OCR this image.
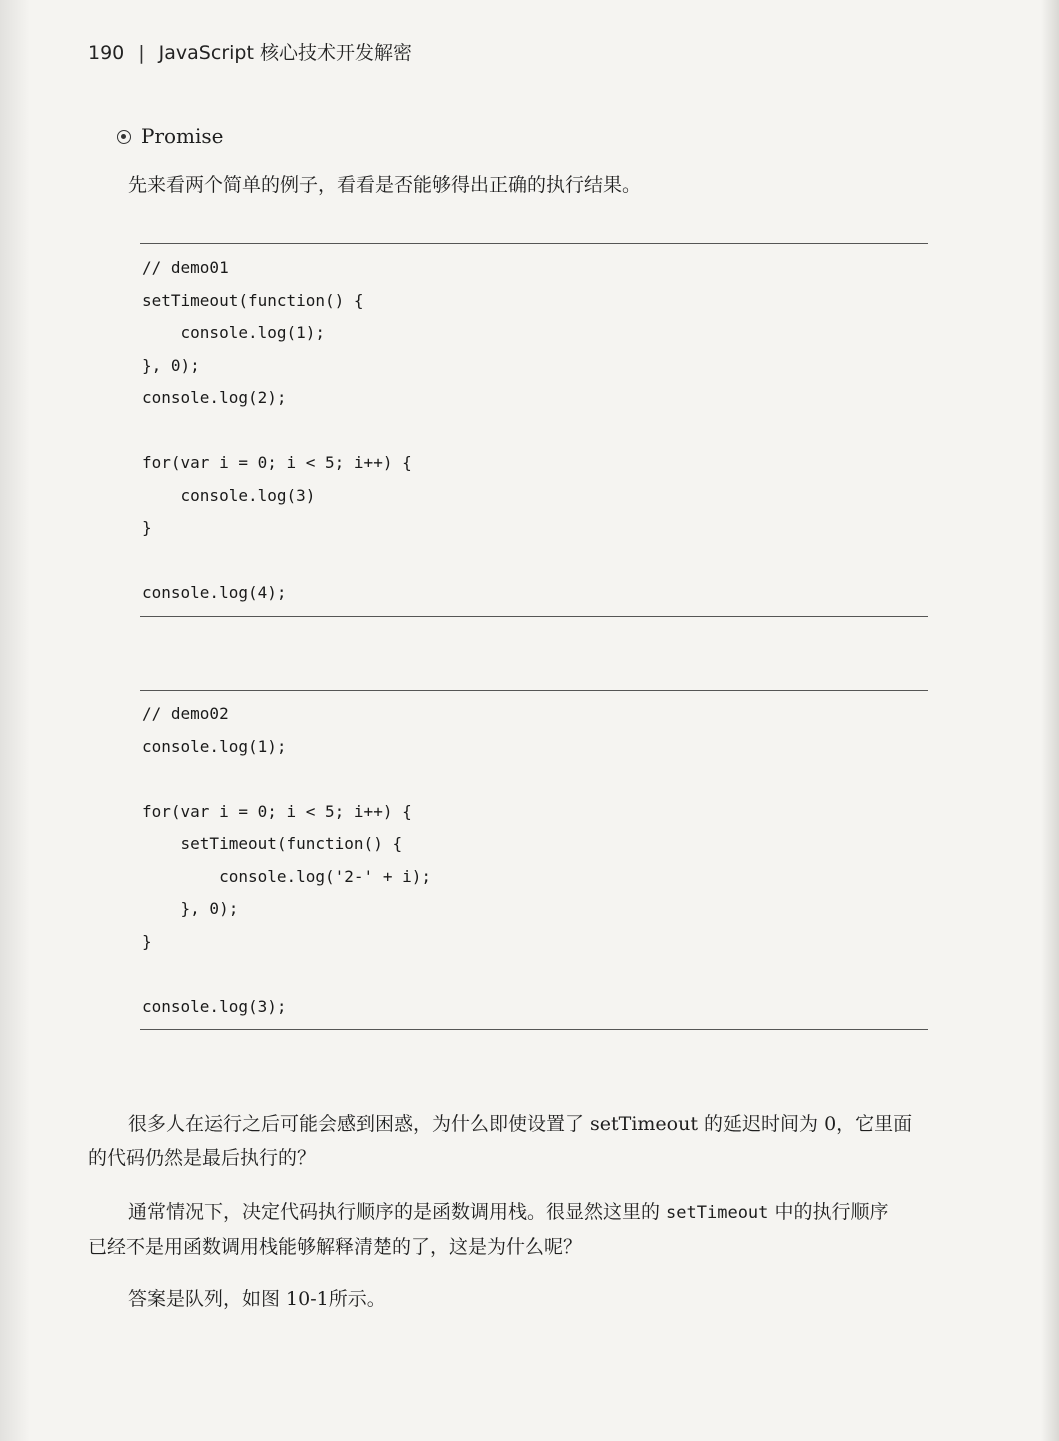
190 | JavaScript 核心技术开发解密
Promise
先来看两个简单的例子，看看是否能够得出正确的执行结果。
// demo01
setTimeout(function() {
console.log(1);
}, 0);
console.log(2);
for(var i = 0; i < 5; i++) {
console.log(3)
}
console.log(4);
// demo02
console.log(1);
for(var i = 0; i < 5; i++) {
setTimeout(function() {
console.log('2-' + i);
}, 0);
}
console.log(3);
很多人在运行之后可能会感到困惑，为什么即使设置了 setTimeout 的延迟时间为 0，它里面
的代码仍然是最后执行的？
通常情况下，决定代码执行顺序的是函数调用栈。很显然这里的 setTimeout 中的执行顺序
已经不是用函数调用栈能够解释清楚的了，这是为什么呢？
答案是队列，如图 10-1所示。
